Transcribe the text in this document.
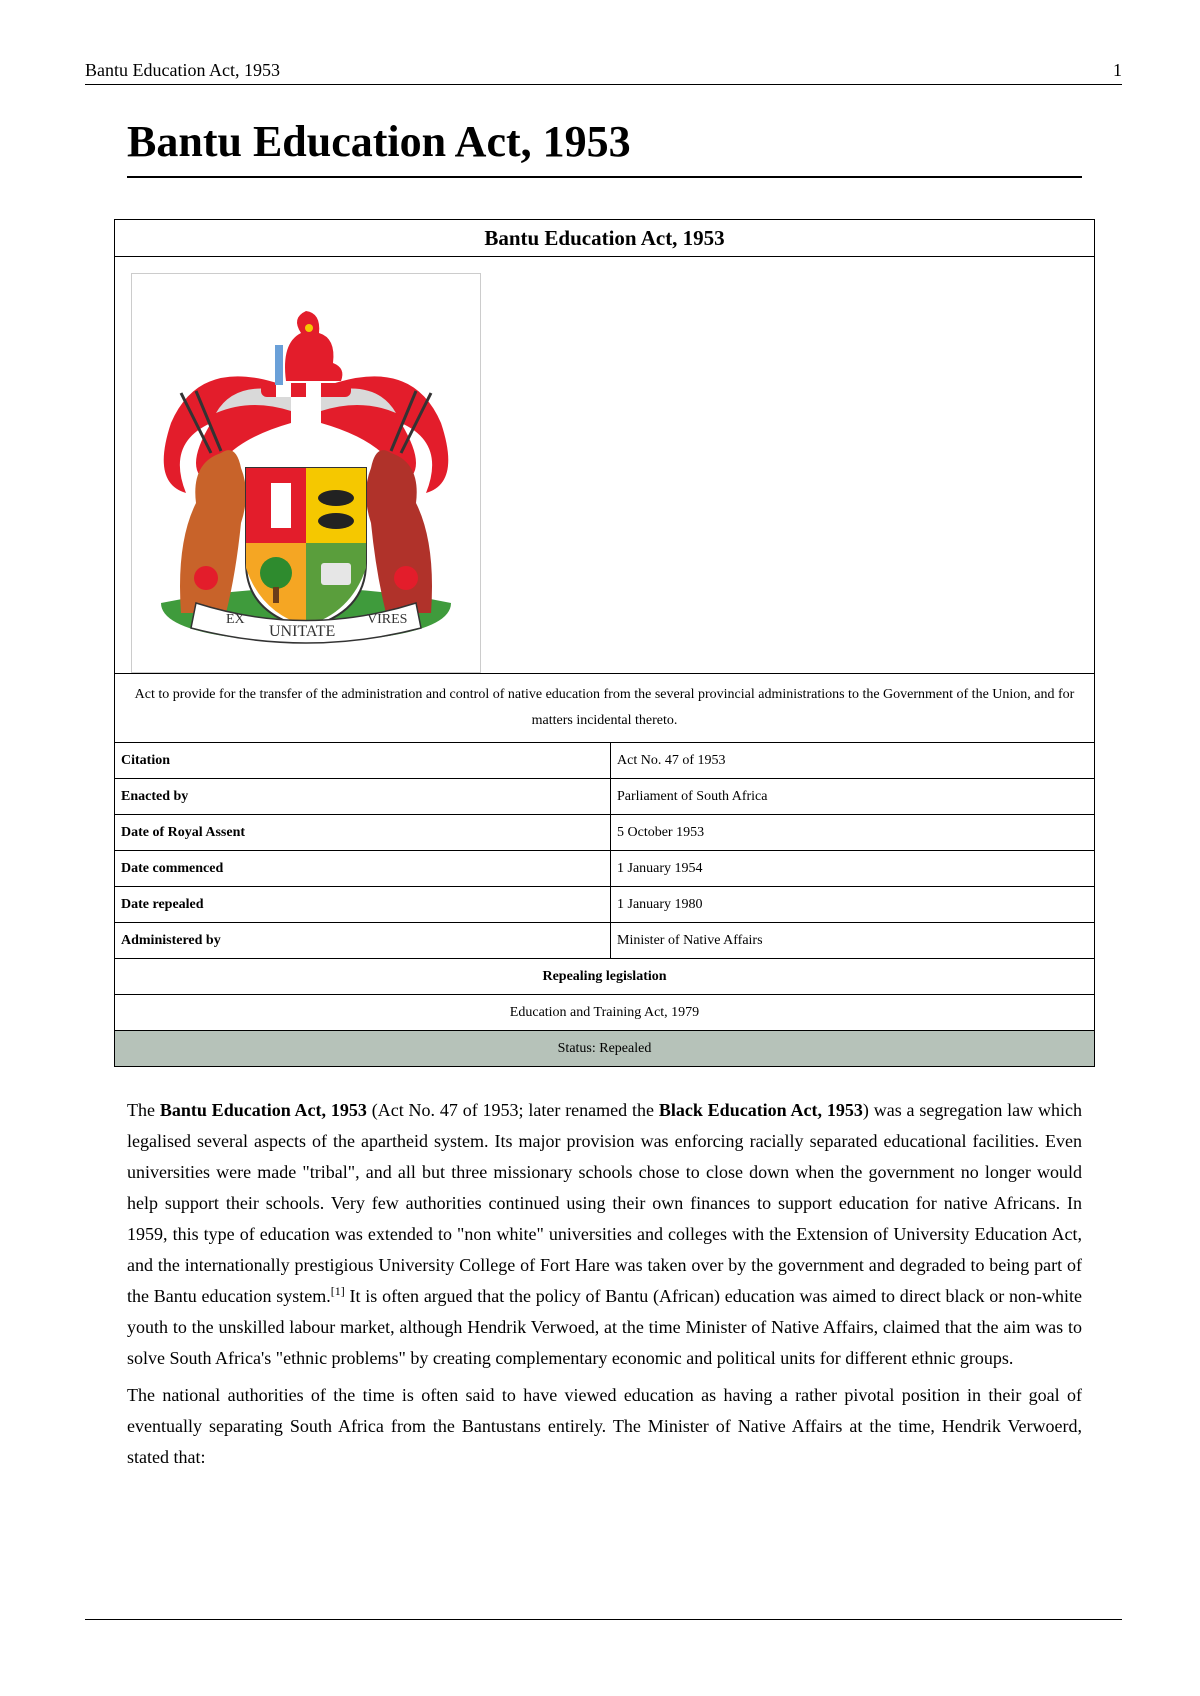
Bantu Education Act, 1953	1
Bantu Education Act, 1953
Bantu Education Act, 1953	

EX
UNITATE
VIRES	

Act to provide for the transfer of the administration and control of native education from the several provincial administrations to the Government of the Union, and for matters incidental thereto.	
Citation	Act No. 47 of 1953
Enacted by	Parliament of South Africa
Date of Royal Assent	5 October 1953
Date commenced	1 January 1954
Date repealed	1 January 1980
Administered by	Minister of Native Affairs
Repealing legislation	
Education and Training Act, 1979	
Status: Repealed	

The Bantu Education Act, 1953 (Act No. 47 of 1953; later renamed the Black Education Act, 1953) was a segregation law which legalised several aspects of the apartheid system. Its major provision was enforcing racially separated educational facilities. Even universities were made "tribal", and all but three missionary schools chose to close down when the government no longer would help support their schools. Very few authorities continued using their own finances to support education for native Africans. In 1959, this type of education was extended to "non white" universities and colleges with the Extension of University Education Act, and the internationally prestigious University College of Fort Hare was taken over by the government and degraded to being part of the Bantu education system.[1] It is often argued that the policy of Bantu (African) education was aimed to direct black or non-white youth to the unskilled labour market, although Hendrik Verwoed, at the time Minister of Native Affairs, claimed that the aim was to solve South Africa's "ethnic problems" by creating complementary economic and political units for different ethnic groups.

The national authorities of the time is often said to have viewed education as having a rather pivotal position in their goal of eventually separating South Africa from the Bantustans entirely. The Minister of Native Affairs at the time, Hendrik Verwoerd, stated that:
